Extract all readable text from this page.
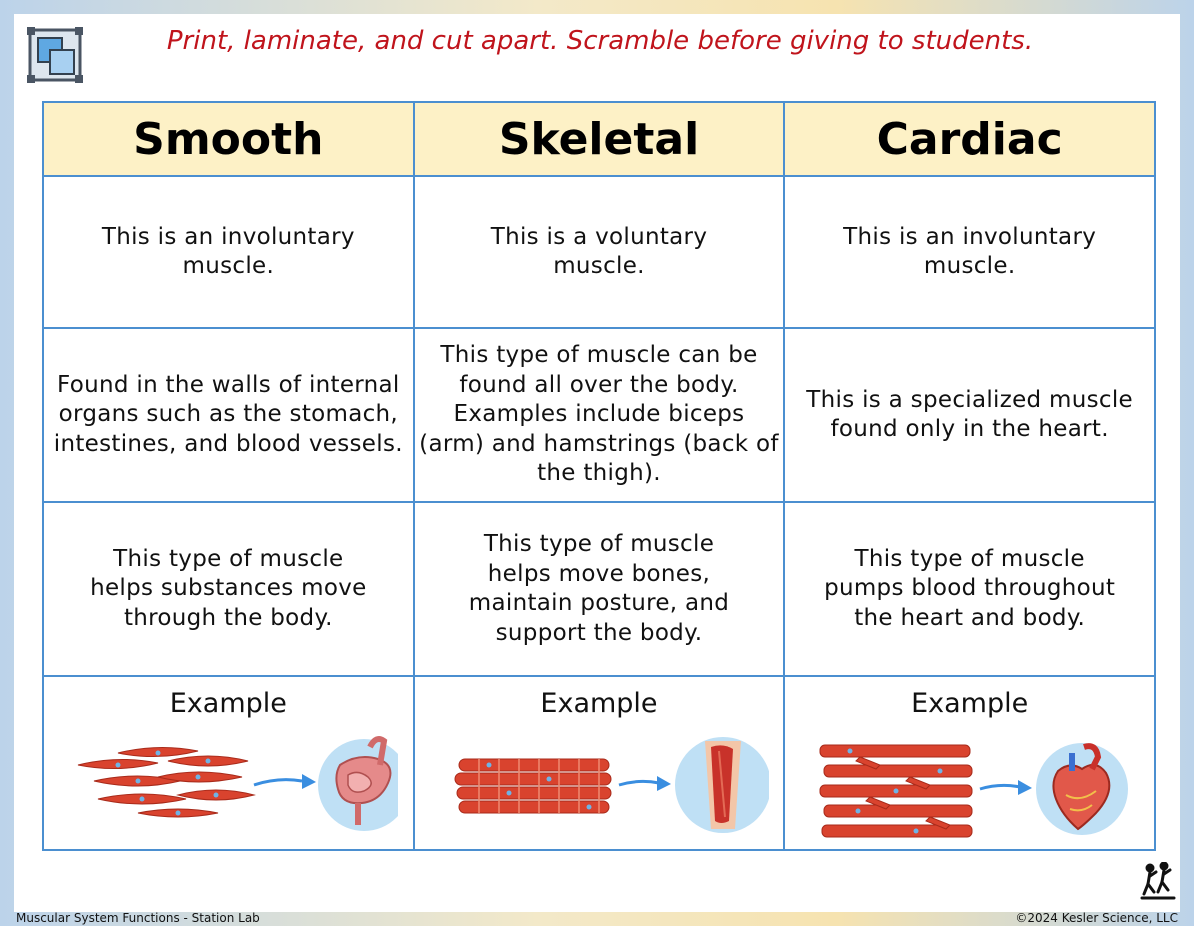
Print, laminate, and cut apart. Scramble before giving to students.
Smooth	Skeletal	Cardiac

This is an involuntary muscle.	This is a voluntary muscle.	This is an involuntary muscle.

Found in the walls of internal organs such as the stomach, intestines, and blood vessels.	This type of muscle can be found all over the body. Examples include biceps (arm) and hamstrings (back of the thigh).	This is a specialized muscle found only in the heart.

This type of muscle helps substances move through the body.	This type of muscle helps move bones, maintain posture, and support the body.	This type of muscle pumps blood throughout the heart and body.

Example	Example	Example
Muscular System Functions - Station Lab	©2024 Kesler Science, LLC
